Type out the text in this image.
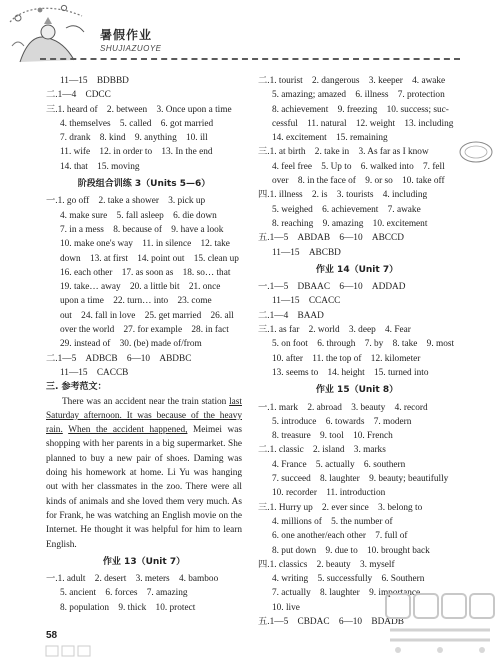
暑假作业
SHUJIAZUOYE
11—15　BDBBD
二.1—4　CDCC
三.1. heard of　2. between　3. Once upon a time
4. themselves　5. called　6. got married
7. drank　8. kind　9. anything　10. ill
11. wife　12. in order to　13. In the end
14. that　15. moving
阶段组合训练 3（Units 5—6）
一.1. go off　2. take a shower　3. pick up
4. make sure　5. fall asleep　6. die down
7. in a mess　8. because of　9. have a look
10. make one's way　11. in silence　12. take
down　13. at first　14. point out　15. clean up
16. each other　17. as soon as　18. so… that
19. take… away　20. a little bit　21. once
upon a time　22. turn… into　23. come
out　24. fall in love　25. get married　26. all
over the world　27. for example　28. in fact
29. instead of　30. (be) made of/from
二.1—5　ADBCB　6—10　ABDBC
11—15　CACCB
三. 参考范文：
There was an accident near the train station last Saturday afternoon. It was because of the heavy rain. When the accident happened, Meimei was shopping with her parents in a big supermarket. She planned to buy a new pair of shoes. Daming was doing his homework at home. Li Yu was hanging out with her classmates in the zoo. There were all kinds of animals and she loved them very much. As for Frank, he was watching an English movie on the Internet. He thought it was helpful for him to learn English.
作业 13（Unit 7）
一.1. adult　2. desert　3. meters　4. bamboo
5. ancient　6. forces　7. amazing
8. population　9. thick　10. protect
二.1. tourist　2. dangerous　3. keeper　4. awake
5. amazing; amazed　6. illness　7. protection
8. achievement　9. freezing　10. success; suc-
cessful　11. natural　12. weight　13. including
14. excitement　15. remaining
三.1. at birth　2. take in　3. As far as I know
4. feel free　5. Up to　6. walked into　7. fell
over　8. in the face of　9. or so　10. take off
四.1. illness　2. is　3. tourists　4. including
5. weighed　6. achievement　7. awake
8. reaching　9. amazing　10. excitement
五.1—5　ABDAB　6—10　ABCCD
11—15　ABCBD
作业 14（Unit 7）
一.1—5　DBAAC　6—10　ADDAD
11—15　CCACC
二.1—4　BAAD
三.1. as far　2. world　3. deep　4. Fear
5. on foot　6. through　7. by　8. take　9. most
10. after　11. the top of　12. kilometer
13. seems to　14. height　15. turned into
作业 15（Unit 8）
一.1. mark　2. abroad　3. beauty　4. record
5. introduce　6. towards　7. modern
8. treasure　9. tool　10. French
二.1. classic　2. island　3. marks
4. France　5. actually　6. southern
7. succeed　8. laughter　9. beauty; beautifully
10. recorder　11. introduction
三.1. Hurry up　2. ever since　3. belong to
4. millions of　5. the number of
6. one another/each other　7. full of
8. put down　9. due to　10. brought back
四.1. classics　2. beauty　3. myself
4. writing　5. successfully　6. Southern
7. actually　8. laughter　9. importance
10. live
五.1—5　CBDAC　6—10　BDADB
58
